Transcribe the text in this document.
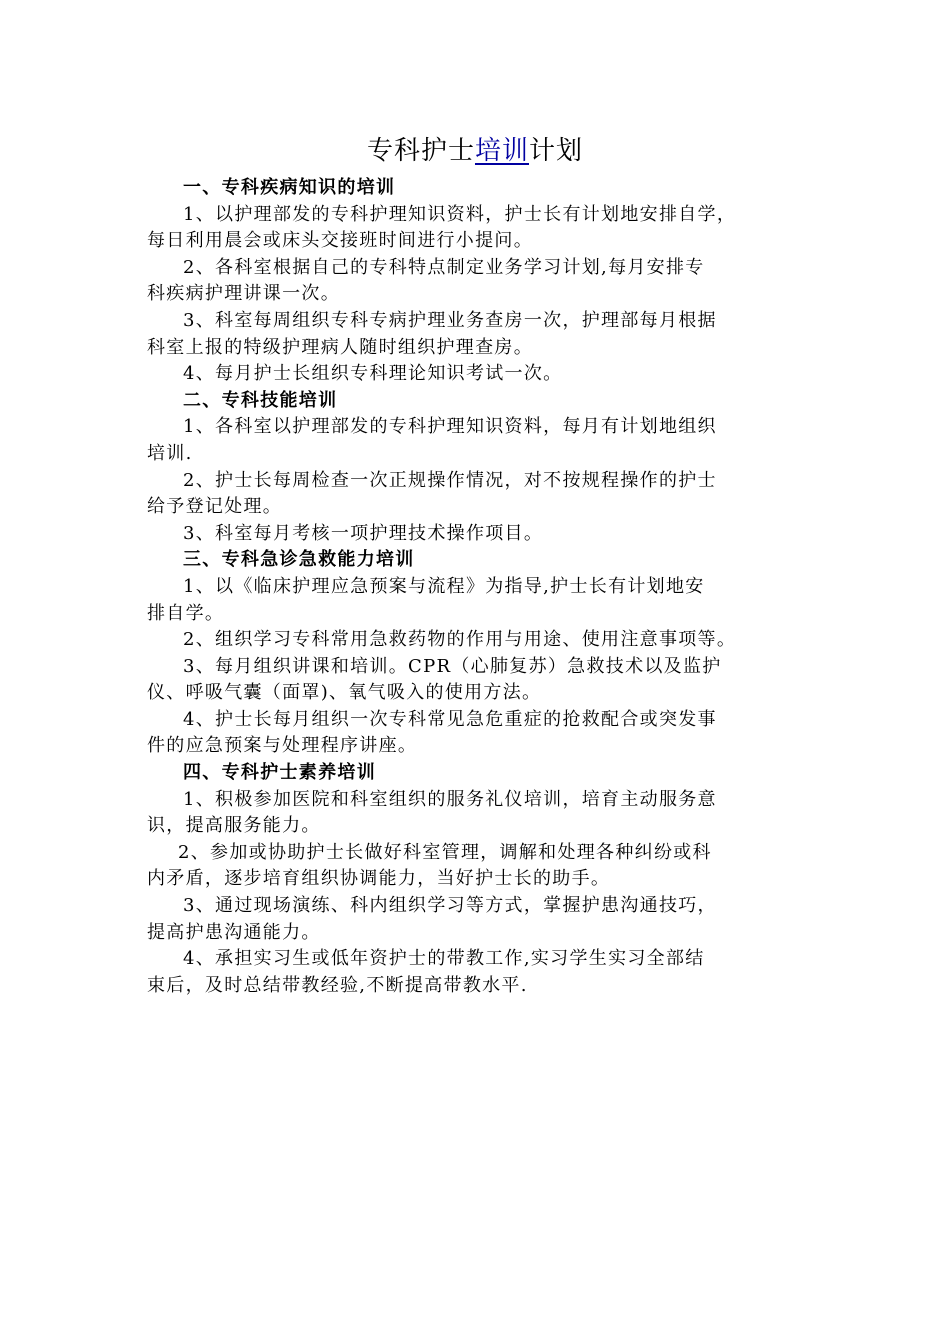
专科护士培训计划
一、专科疾病知识的培训
1、以护理部发的专科护理知识资料，护士长有计划地安排自学，
每日利用晨会或床头交接班时间进行小提问。
2、各科室根据自己的专科特点制定业务学习计划,每月安排专
科疾病护理讲课一次。
3、科室每周组织专科专病护理业务查房一次，护理部每月根据
科室上报的特级护理病人随时组织护理查房。
4、每月护士长组织专科理论知识考试一次。
二、专科技能培训
1、各科室以护理部发的专科护理知识资料，每月有计划地组织
培训.
2、护士长每周检查一次正规操作情况，对不按规程操作的护士
给予登记处理。
3、科室每月考核一项护理技术操作项目。
三、专科急诊急救能力培训
1、以《临床护理应急预案与流程》为指导,护士长有计划地安
排自学。
2、组织学习专科常用急救药物的作用与用途、使用注意事项等。
3、每月组织讲课和培训。CPR（心肺复苏）急救技术以及监护
仪、呼吸气囊（面罩)、氧气吸入的使用方法。
4、护士长每月组织一次专科常见急危重症的抢救配合或突发事
件的应急预案与处理程序讲座。
四、专科护士素养培训
1、积极参加医院和科室组织的服务礼仪培训，培育主动服务意
识，提高服务能力。
2、参加或协助护士长做好科室管理，调解和处理各种纠纷或科
内矛盾，逐步培育组织协调能力，当好护士长的助手。
3、通过现场演练、科内组织学习等方式，掌握护患沟通技巧，
提高护患沟通能力。
4、承担实习生或低年资护士的带教工作,实习学生实习全部结
束后，及时总结带教经验,不断提高带教水平.
